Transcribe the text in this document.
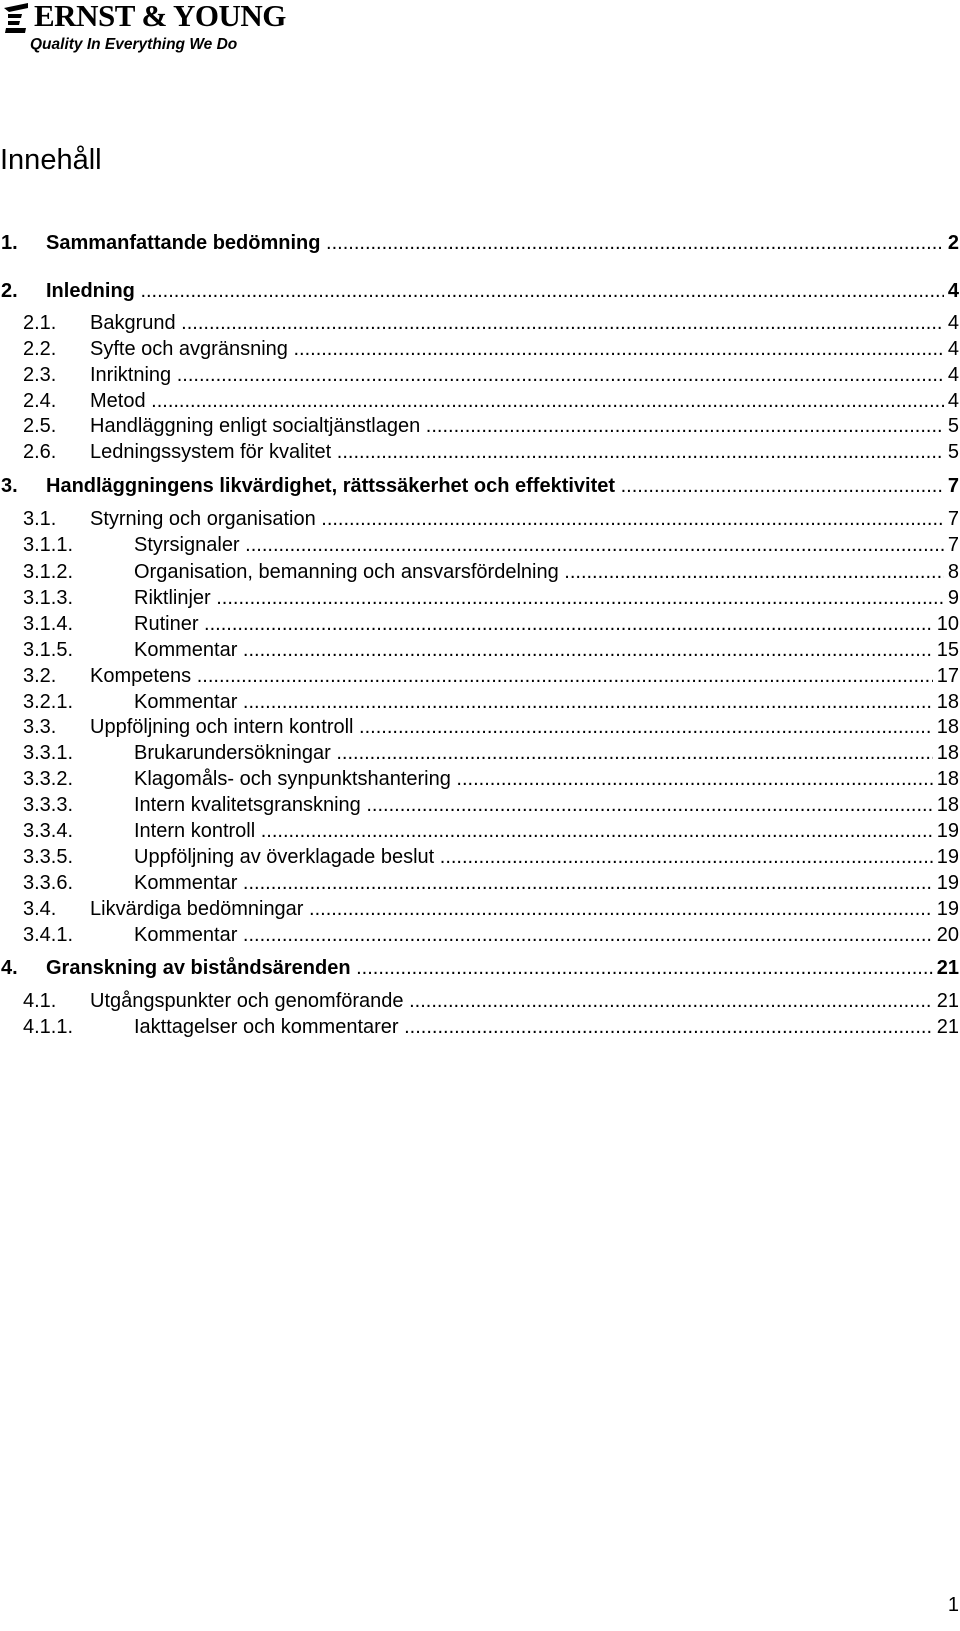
ERNST & YOUNG
Quality In Everything We Do
Innehåll
1. Sammanfattande bedömning .....	2
2. Inledning .....	4
2.1. Bakgrund .....	4
2.2. Syfte och avgränsning .....	4
2.3. Inriktning .....	4
2.4. Metod .....	4
2.5. Handläggning enligt socialtjänstlagen .....	5
2.6. Ledningssystem för kvalitet .....	5
3. Handläggningens likvärdighet, rättssäkerhet och effektivitet .....	7
3.1. Styrning och organisation .....	7
3.1.1.	Styrsignaler .....	7
3.1.2.	Organisation, bemanning och ansvarsfördelning .....	8
3.1.3.	Riktlinjer .....	9
3.1.4.	Rutiner .....	10
3.1.5.	Kommentar .....	15
3.2. Kompetens .....	17
3.2.1.	Kommentar .....	18
3.3. Uppföljning och intern kontroll .....	18
3.3.1.	Brukarundersökningar .....	18
3.3.2.	Klagomåls- och synpunktshantering .....	18
3.3.3.	Intern kvalitetsgranskning .....	18
3.3.4.	Intern kontroll .....	19
3.3.5.	Uppföljning av överklagade beslut .....	19
3.3.6.	Kommentar .....	19
3.4. Likvärdiga bedömningar .....	19
3.4.1.	Kommentar .....	20
4. Granskning av biståndsärenden .....	21
4.1. Utgångspunkter och genomförande .....	21
4.1.1.	Iakttagelser och kommentarer .....	21
1
